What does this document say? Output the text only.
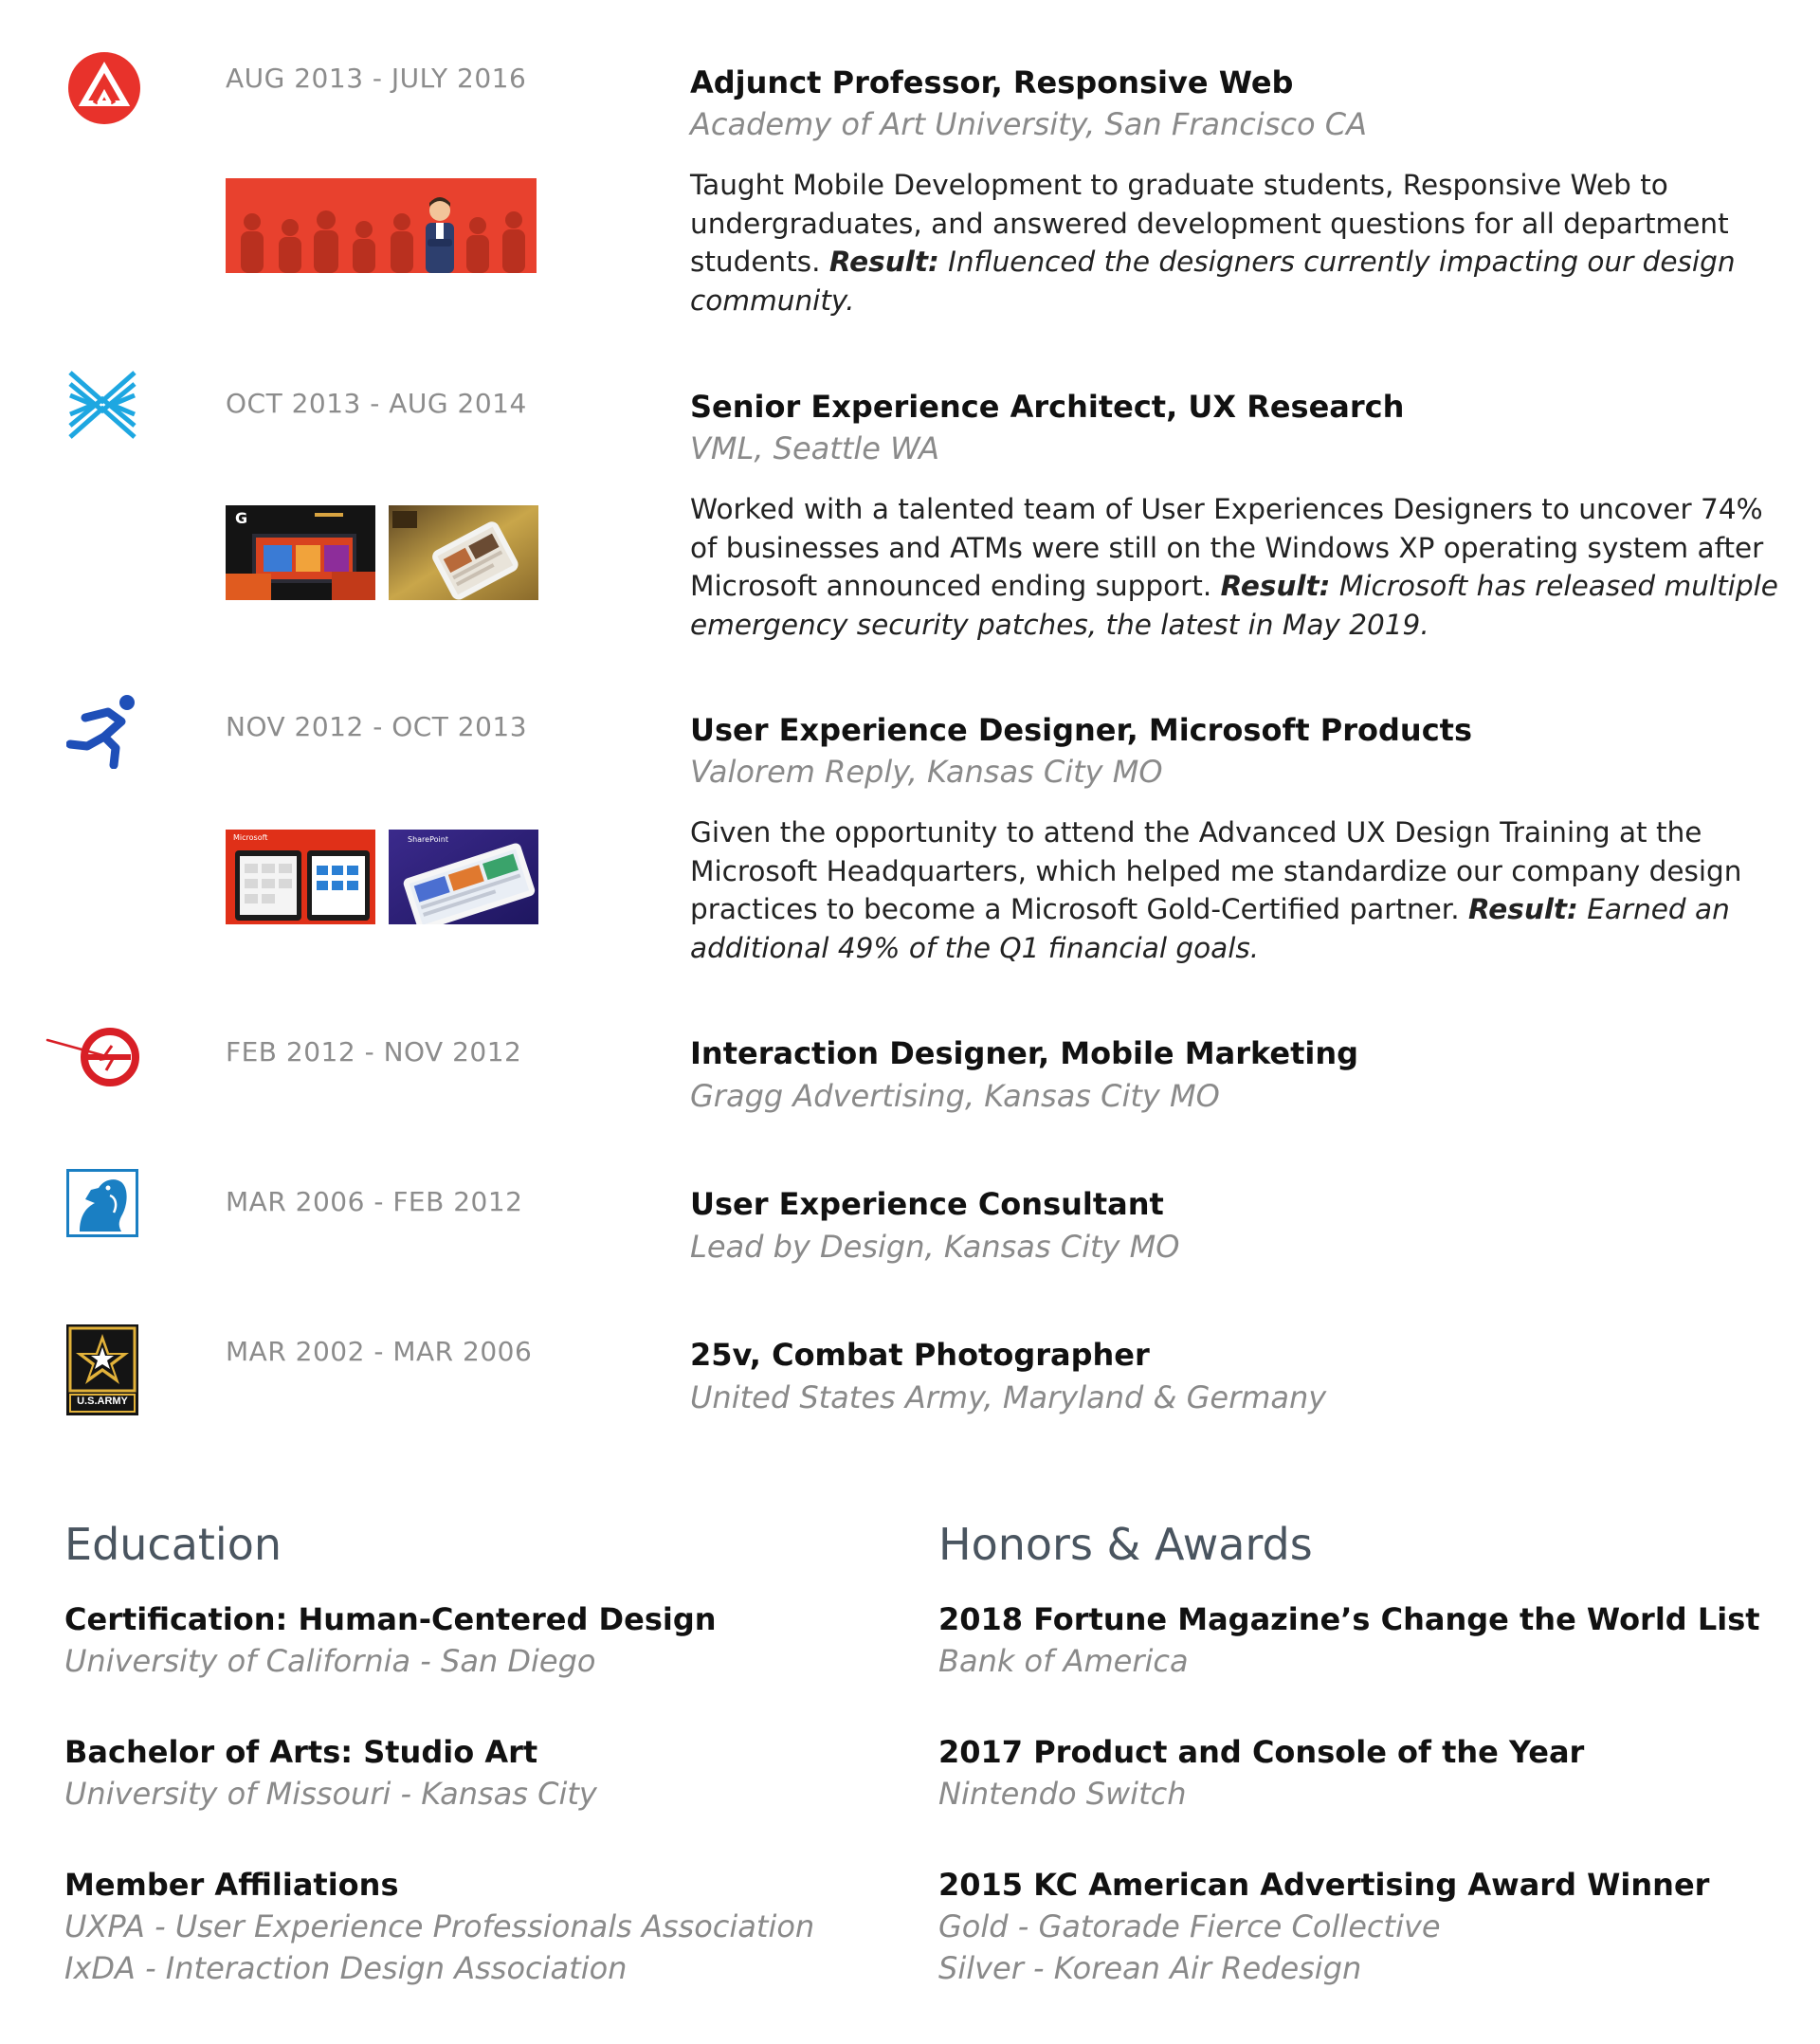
AUG 2013 - JULY 2016	Adjunct Professor, Responsive Web
Academy of Art University, San Francisco CA

Taught Mobile Development to graduate students, Responsive Web to undergraduates, and answered development questions for all department students. Result: Influenced the designers currently impacting our design community.

OCT 2013 - AUG 2014	Senior Experience Architect, UX Research
VML, Seattle WA
G	Worked with a talented team of User Experiences Designers to uncover 74% of businesses and ATMs were still on the Windows XP operating system after Microsoft announced ending support. Result: Microsoft has released multiple emergency security patches, the latest in May 2019.

NOV 2012 - OCT 2013	User Experience Designer, Microsoft Products
Valorem Reply, Kansas City MO
Microsoft	SharePoint	Given the opportunity to attend the Advanced UX Design Training at the Microsoft Headquarters, which helped me standardize our company design practices to become a Microsoft Gold-Certified partner. Result: Earned an additional 49% of the Q1 financial goals.

FEB 2012 - NOV 2012	Interaction Designer, Mobile Marketing
Gragg Advertising, Kansas City MO
MAR 2006 - FEB 2012	User Experience Consultant
Lead by Design, Kansas City MO
U.S.ARMY
MAR 2002 - MAR 2006	25v, Combat Photographer
United States Army, Maryland & Germany
Education
Certification: Human-Centered Design
University of California - San Diego
Bachelor of Arts: Studio Art
University of Missouri - Kansas City
Member Affiliations
UXPA - User Experience Professionals Association
IxDA - Interaction Design Association
Honors & Awards
2018 Fortune Magazine’s Change the World List
Bank of America
2017 Product and Console of the Year
Nintendo Switch
2015 KC American Advertising Award Winner
Gold - Gatorade Fierce Collective
Silver - Korean Air Redesign
